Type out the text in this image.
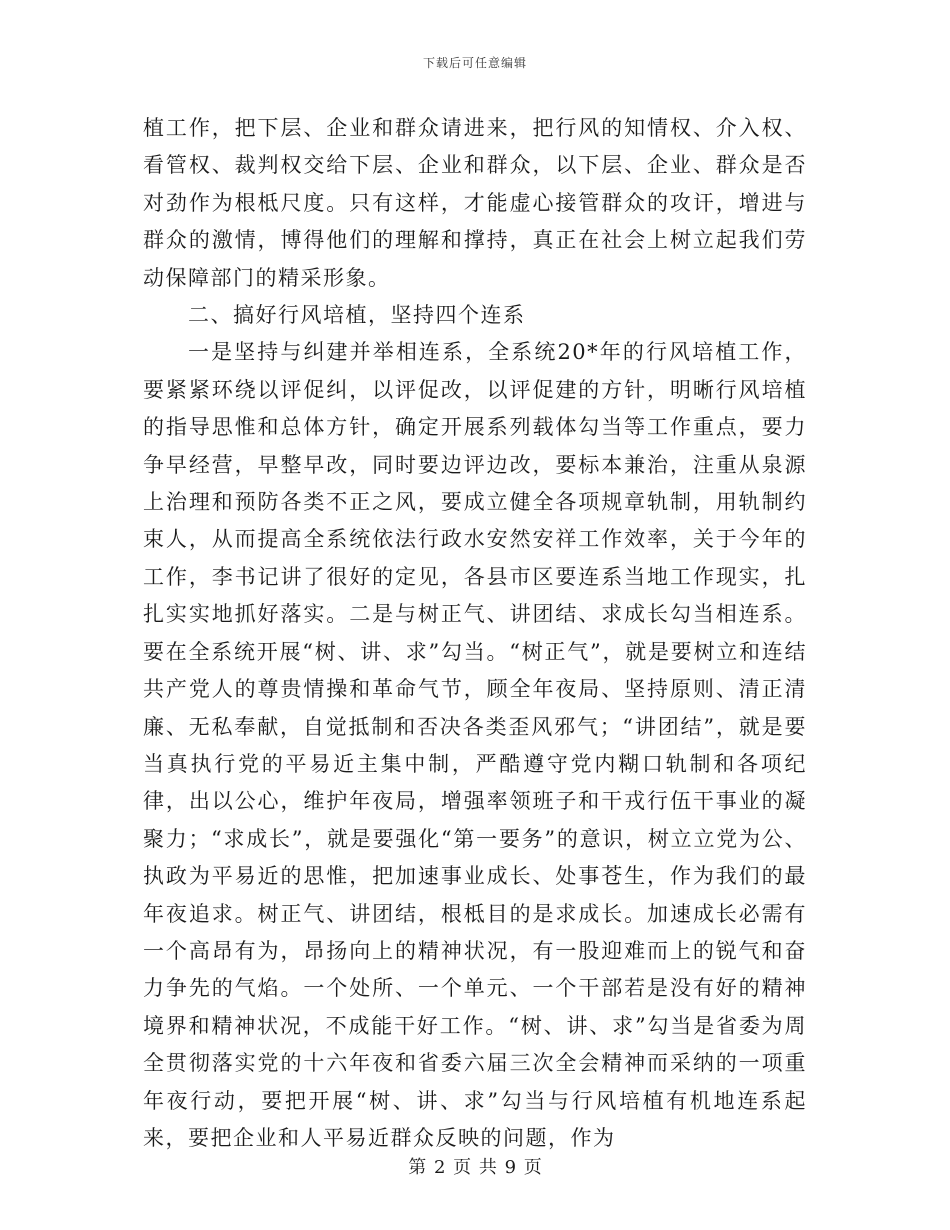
下载后可任意编辑

植工作，把下层、企业和群众请进来，把行风的知情权、介入权、看管权、裁判权交给下层、企业和群众，以下层、企业、群众是否对劲作为根柢尺度。只有这样，才能虚心接管群众的攻讦，增进与群众的激情，博得他们的理解和撑持，真正在社会上树立起我们劳动保障部门的精采形象。

二、搞好行风培植，坚持四个连系

一是坚持与纠建并举相连系，全系统20*年的行风培植工作，要紧紧环绕以评促纠，以评促改，以评促建的方针，明晰行风培植的指导思惟和总体方针，确定开展系列载体勾当等工作重点，要力争早经营，早整早改，同时要边评边改，要标本兼治，注重从泉源上治理和预防各类不正之风，要成立健全各项规章轨制，用轨制约束人，从而提高全系统依法行政水安然安祥工作效率，关于今年的工作，李书记讲了很好的定见，各县市区要连系当地工作现实，扎扎实实地抓好落实。二是与树正气、讲团结、求成长勾当相连系。要在全系统开展“树、讲、求”勾当。“树正气”，就是要树立和连结共产党人的尊贵情操和革命气节，顾全年夜局、坚持原则、清正清廉、无私奉献，自觉抵制和否决各类歪风邪气；“讲团结”，就是要当真执行党的平易近主集中制，严酷遵守党内糊口轨制和各项纪律，出以公心，维护年夜局，增强率领班子和干戎行伍干事业的凝聚力；“求成长”，就是要强化“第一要务”的意识，树立立党为公、执政为平易近的思惟，把加速事业成长、处事苍生，作为我们的最年夜追求。树正气、讲团结，根柢目的是求成长。加速成长必需有一个高昂有为，昂扬向上的精神状况，有一股迎难而上的锐气和奋力争先的气焰。一个处所、一个单元、一个干部若是没有好的精神境界和精神状况，不成能干好工作。“树、讲、求”勾当是省委为周全贯彻落实党的十六年夜和省委六届三次全会精神而采纳的一项重年夜行动，要把开展“树、讲、求”勾当与行风培植有机地连系起来，要把企业和人平易近群众反映的问题，作为

第 2 页 共 9 页
